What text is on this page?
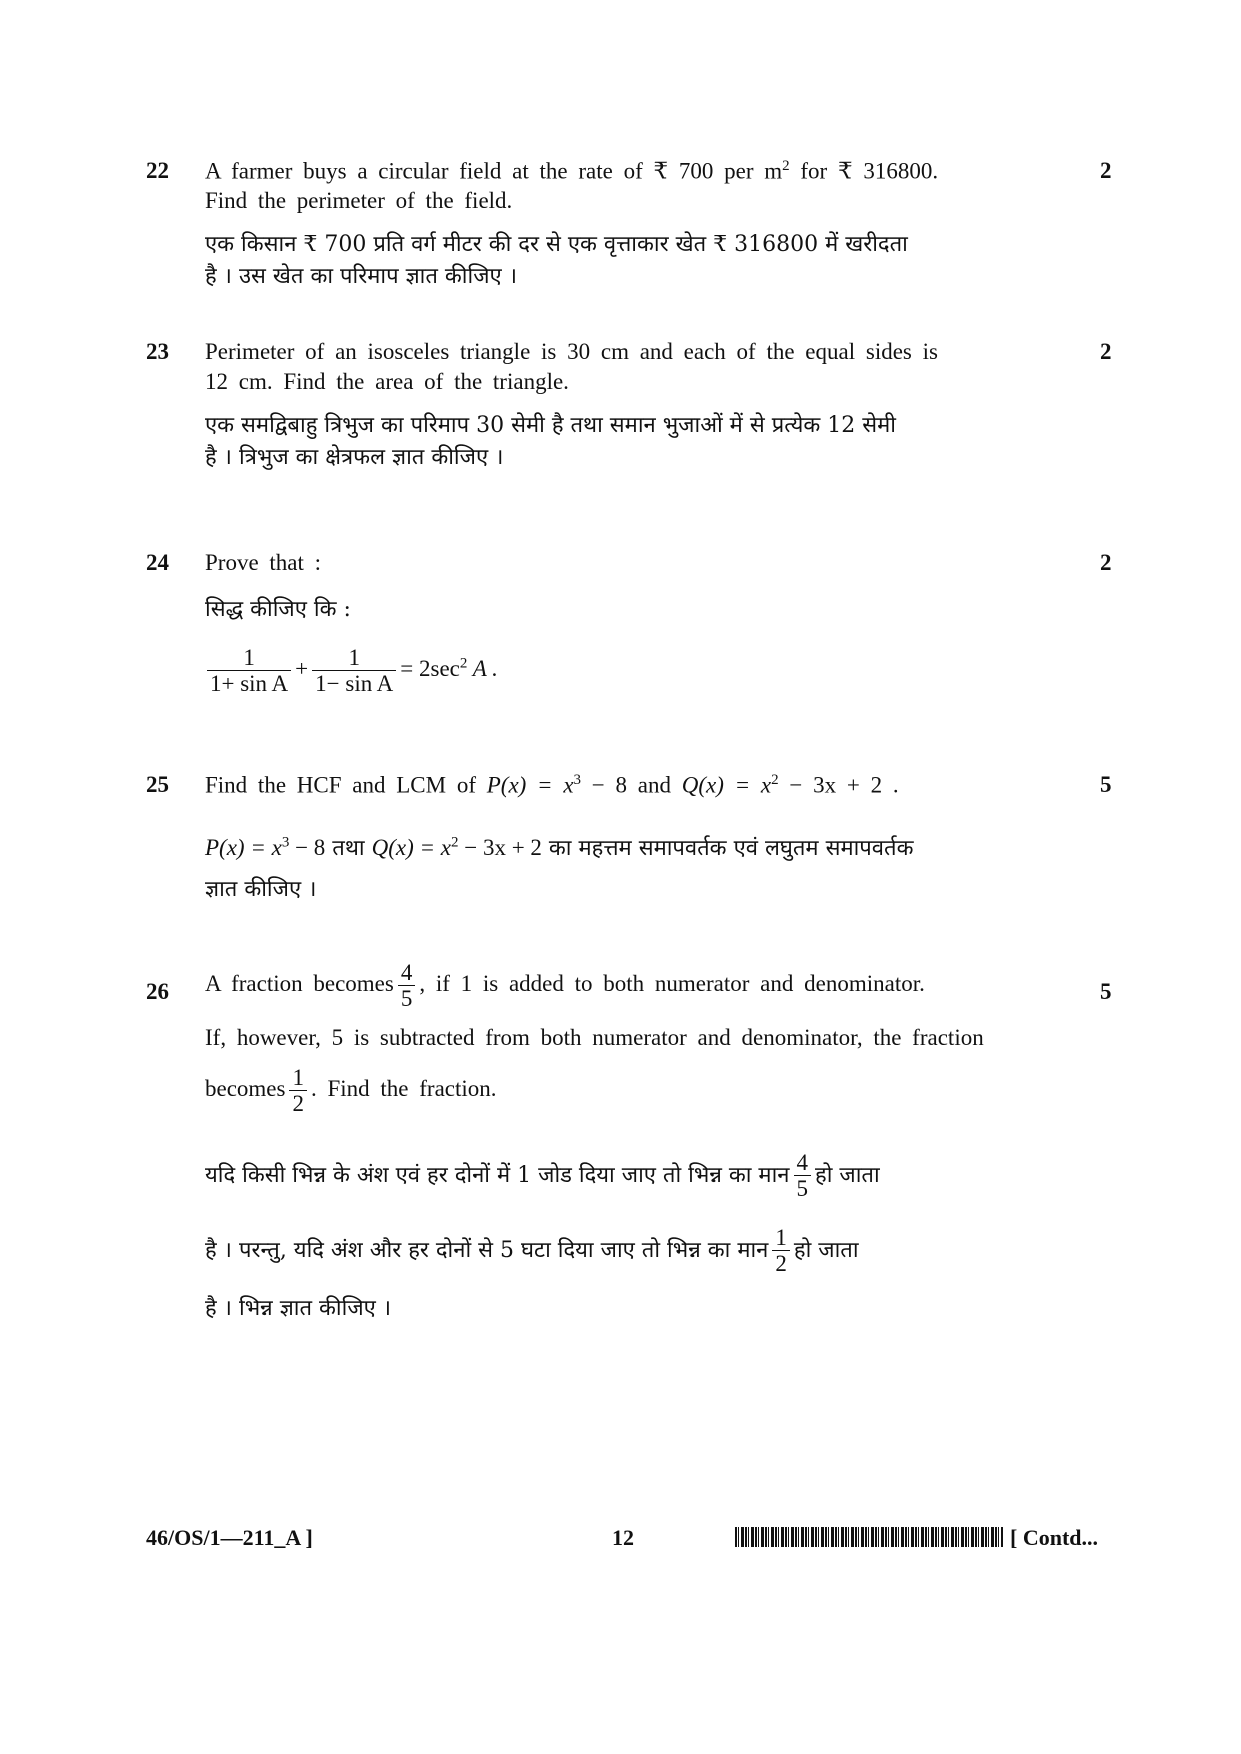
22	2
A farmer buys a circular field at the rate of ₹ 700 per $m^2$ for ₹ 316800.
Find the perimeter of the field.
एक किसान ₹ 700 प्रति वर्ग मीटर की दर से एक वृत्ताकार खेत ₹ 316800 में खरीदता
है । उस खेत का परिमाप ज्ञात कीजिए ।
23	2
Perimeter of an isosceles triangle is 30 cm and each of the equal sides is
12 cm. Find the area of the triangle.
एक समद्विबाहु त्रिभुज का परिमाप 30 सेमी है तथा समान भुजाओं में से प्रत्येक 12 सेमी
है । त्रिभुज का क्षेत्रफल ज्ञात कीजिए ।
24	2
Prove that :
सिद्ध कीजिए कि :
$\frac{1}{\text{1+ sin A}} + \frac{1}{\text{1− sin A}} = 2\sec^2$ A .
25	5
Find the HCF and LCM of $P(x) = x^3 - 8$ and $Q(x) = x^2 - 3x + 2$ .
$P(x) = x^3 - 8$ तथा $Q(x) = x^2 - 3x + 2$ का महत्तम समापवर्तक एवं लघुतम समापवर्तक
ज्ञात कीजिए ।
26	5
A fraction becomes $\frac{4}{5}$ , if 1 is added to both numerator and denominator.
If, however, 5 is subtracted from both numerator and denominator, the fraction
becomes $\frac{1}{2}$ . Find the fraction.
यदि किसी भिन्न के अंश एवं हर दोनों में 1 जोड दिया जाए तो भिन्न का मान $\frac{4}{5}$ हो जाता
है । परन्तु, यदि अंश और हर दोनों से 5 घटा दिया जाए तो भिन्न का मान $\frac{1}{2}$ हो जाता
है । भिन्न ज्ञात कीजिए ।
46/OS/1—211_A ]	12	[ Contd...
